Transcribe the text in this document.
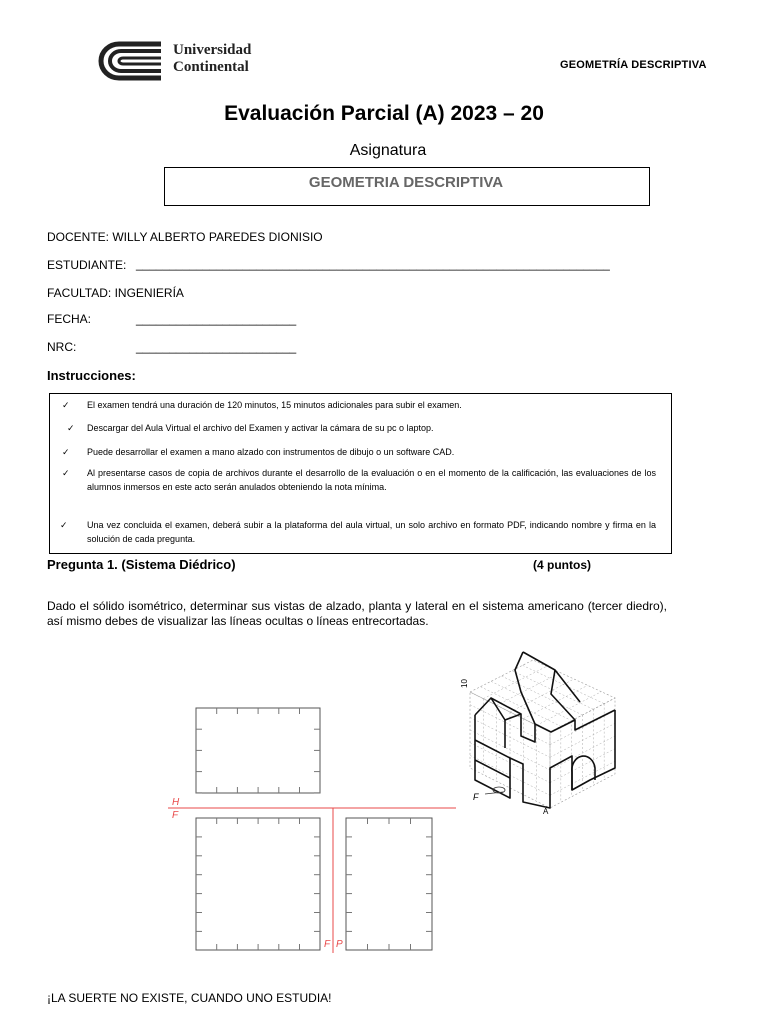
Universidad
Continental	GEOMETRÍA DESCRIPTIVA
Evaluación Parcial (A) 2023 – 20
Asignatura
GEOMETRIA DESCRIPTIVA
DOCENTE: WILLY ALBERTO PAREDES DIONISIO
ESTUDIANTE: _______________________________________________________________________
FACULTAD: INGENIERÍA
FECHA:	________________________
NRC:	________________________
Instrucciones:
✓ El examen tendrá una duración de 120 minutos, 15 minutos adicionales para subir el examen.
✓ Descargar del Aula Virtual el archivo del Examen y activar la cámara de su pc o laptop.
✓ Puede desarrollar el examen a mano alzado con instrumentos de dibujo o un software CAD.
✓ Al presentarse casos de copia de archivos durante el desarrollo de la evaluación o en el momento de la calificación, las evaluaciones de los alumnos inmersos en este acto serán anulados obteniendo la nota mínima.
✓ Una vez concluida el examen, deberá subir a la plataforma del aula virtual, un solo archivo en formato PDF, indicando nombre y firma en la solución de cada pregunta.
Pregunta 1. (Sistema Diédrico)	(4 puntos)
Dado el sólido isométrico, determinar sus vistas de alzado, planta y lateral en el sistema americano (tercer diedro), así mismo debes de visualizar las líneas ocultas o líneas entrecortadas.
H
F
F P
10
F
A
¡LA SUERTE NO EXISTE, CUANDO UNO ESTUDIA!
